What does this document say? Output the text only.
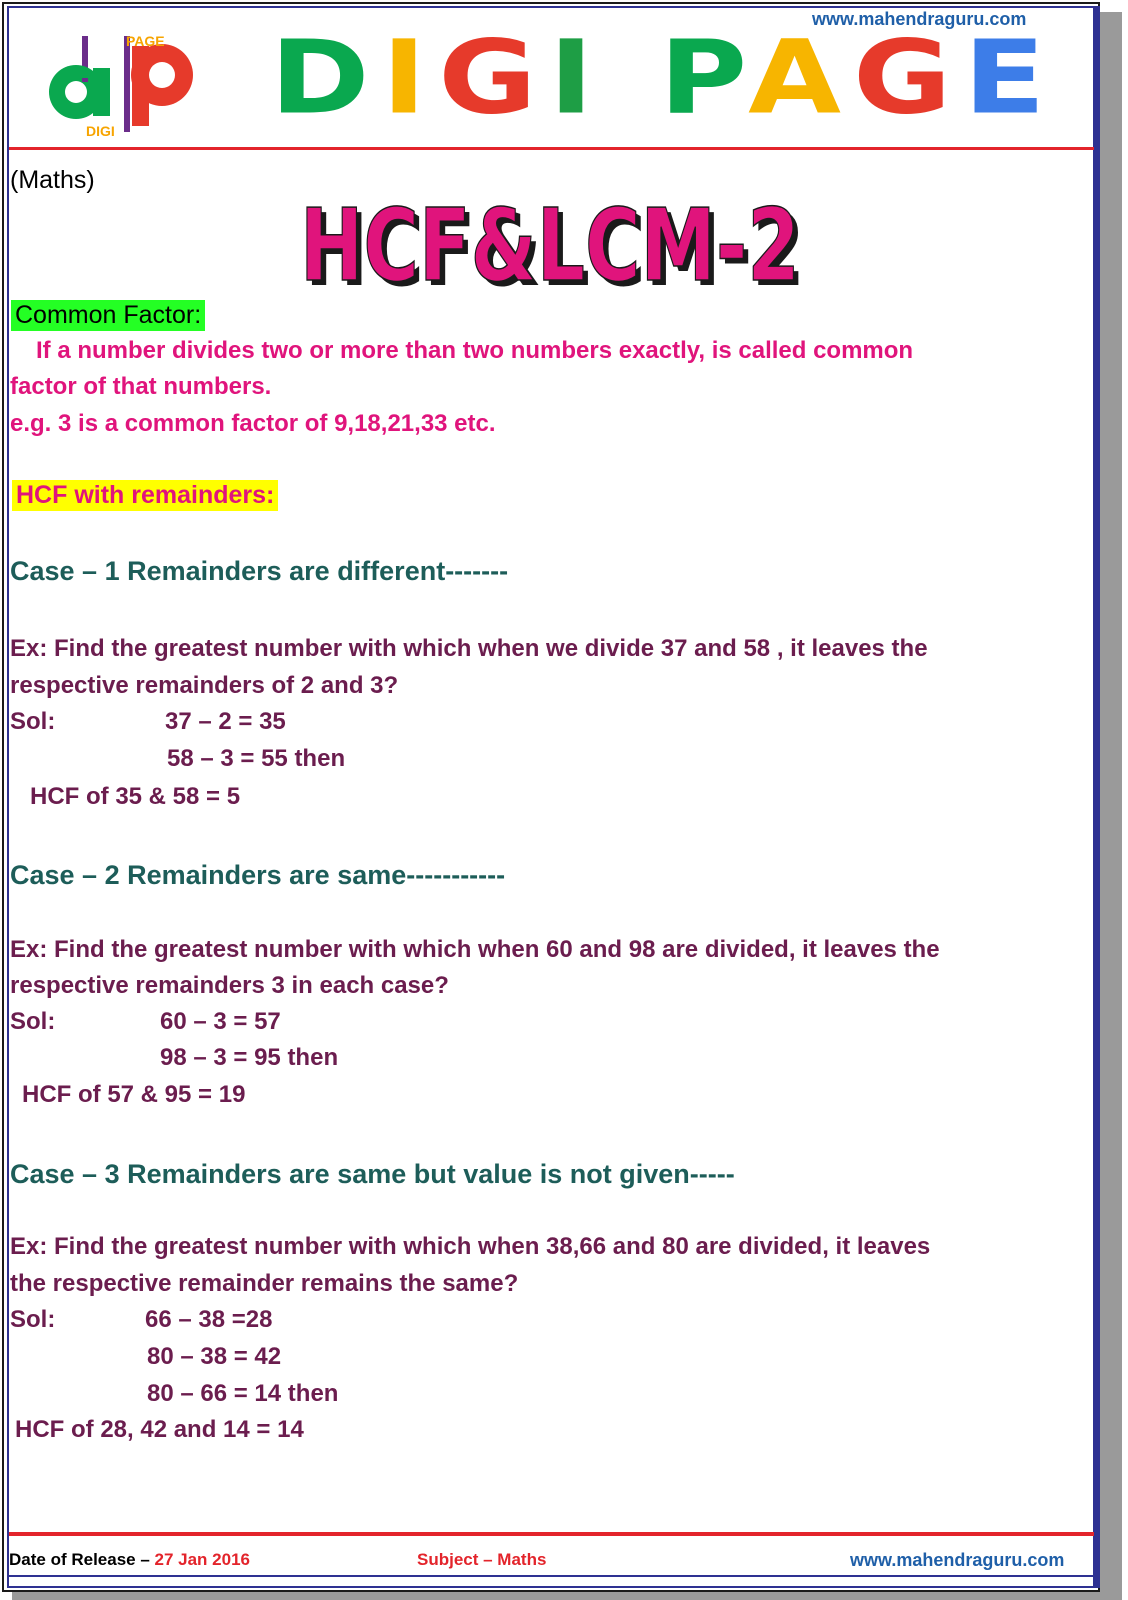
www.mahendraguru.com
PAGE
DIGI DIGI PAGE
(Maths)
HCF&LCM-2
HCF&LCM-2
Common Factor:
If a number divides two or more than two numbers exactly, is called common
factor of that numbers.
e.g. 3 is a common factor of 9,18,21,33 etc.
HCF with remainders:
Case – 1 Remainders are different-------
Ex: Find the greatest number with which when we divide 37 and 58 , it leaves the
respective remainders of 2 and 3?
Sol:	37 – 2 = 35
58 – 3 = 55 then
HCF of 35 & 58 = 5
Case – 2 Remainders are same-----------
Ex: Find the greatest number with which when 60 and 98 are divided, it leaves the
respective remainders 3 in each case?
Sol:	60 – 3 = 57
98 – 3 = 95 then
HCF of 57 & 95 = 19
Case – 3 Remainders are same but value is not given-----
Ex: Find the greatest number with which when 38,66 and 80 are divided, it leaves
the respective remainder remains the same?
Sol:	66 – 38 =28
80 – 38 = 42
80 – 66 = 14 then
HCF of 28, 42 and 14 = 14
Date of Release – 27 Jan 2016	Subject – Maths	www.mahendraguru.com
